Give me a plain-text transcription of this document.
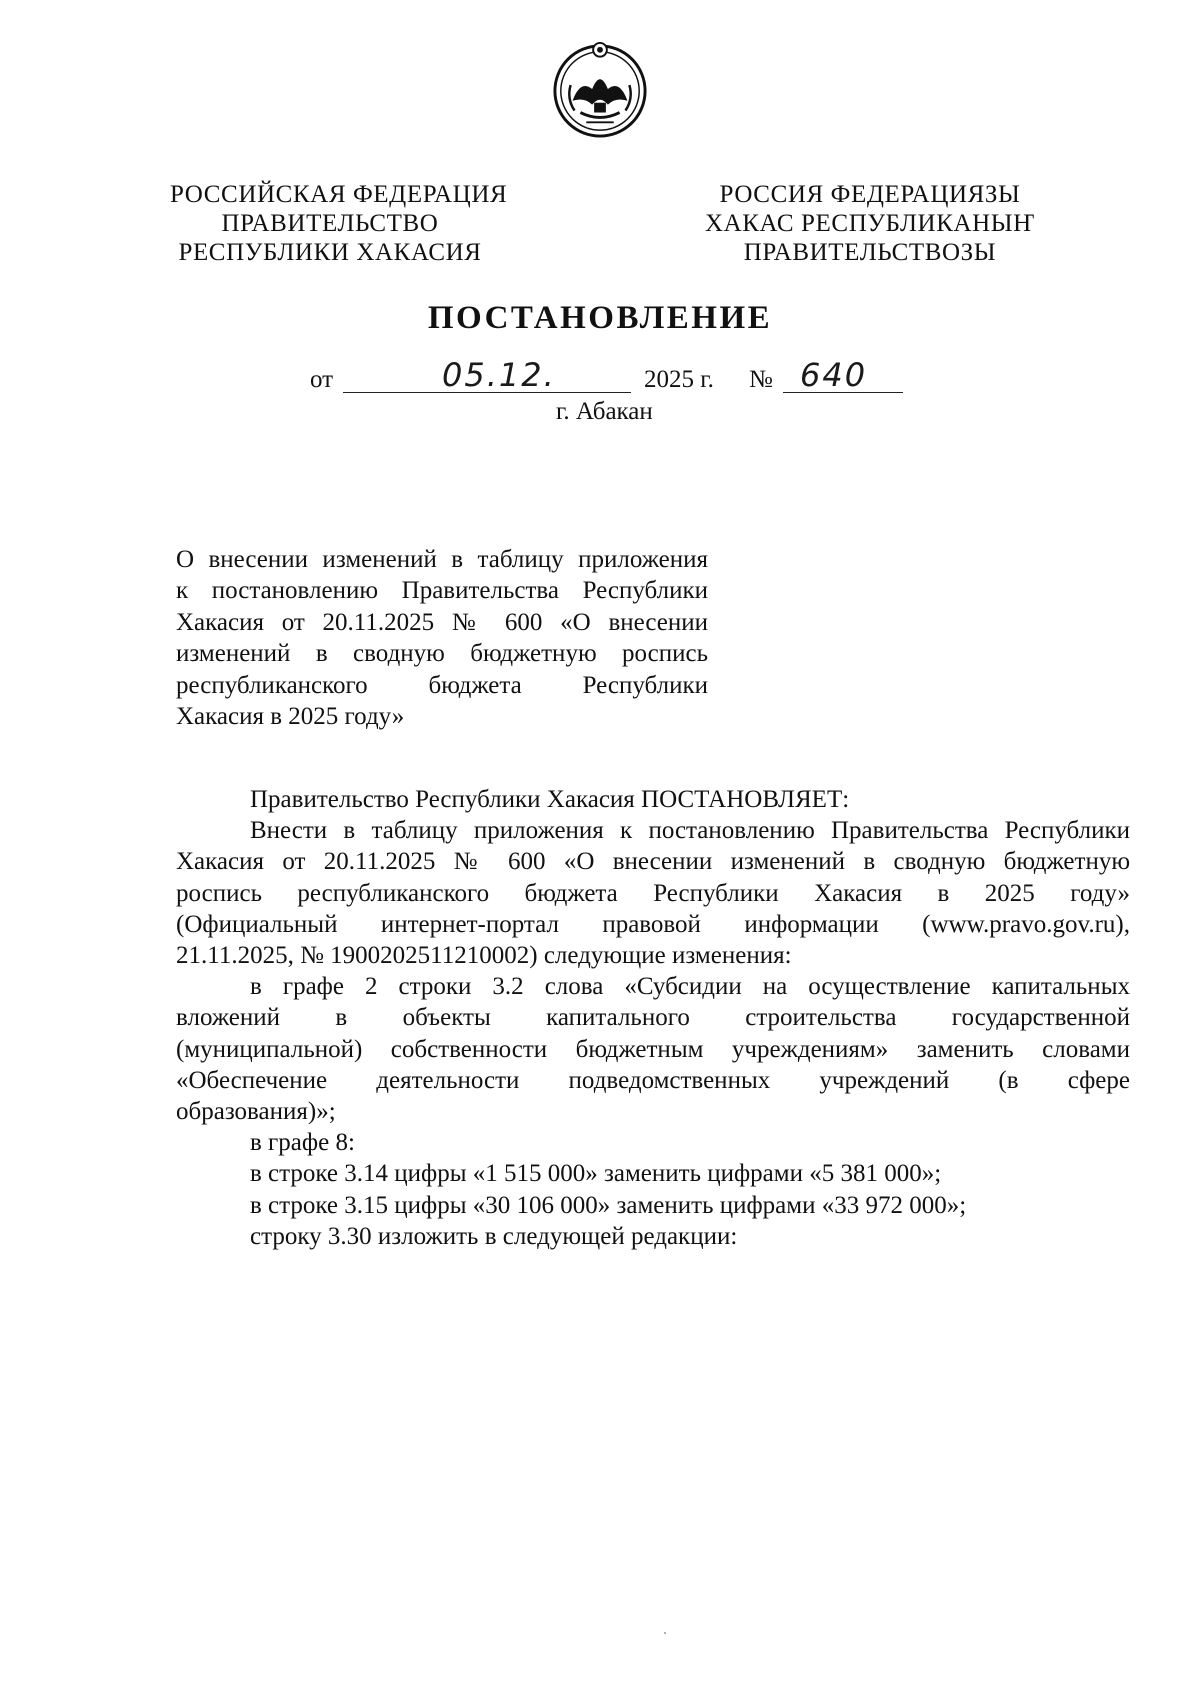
РОССИЙСКАЯ ФЕДЕРАЦИЯ
ПРАВИТЕЛЬСТВО
РЕСПУБЛИКИ ХАКАСИЯ
РОССИЯ ФЕДЕРАЦИЯЗЫ
ХАКАС РЕСПУБЛИКАНЫҤ
ПРАВИТЕЛЬСТВОЗЫ
ПОСТАНОВЛЕНИЕ
от	05.12.	2025 г. № 640
г. Абакан
О внесении изменений в таблицу приложения
к постановлению Правительства Республики
Хакасия от 20.11.2025 № 600 «О внесении
изменений в сводную бюджетную роспись
республиканского бюджета Республики
Хакасия в 2025 году»

Правительство Республики Хакасия ПОСТАНОВЛЯЕТ:

Внести в таблицу приложения к постановлению Правительства Республики
Хакасия от 20.11.2025 № 600 «О внесении изменений в сводную бюджетную
роспись республиканского бюджета Республики Хакасия в 2025 году»
(Официальный интернет-портал правовой информации (www.pravo.gov.ru),
21.11.2025, № 1900202511210002) следующие изменения:
в графе 2 строки 3.2 слова «Субсидии на осуществление капитальных
вложений в объекты капитального строительства государственной
(муниципальной) собственности бюджетным учреждениям» заменить словами
«Обеспечение деятельности подведомственных учреждений (в сфере
образования)»;

в графе 8:

в строке 3.14 цифры «1 515 000» заменить цифрами «5 381 000»;

в строке 3.15 цифры «30 106 000» заменить цифрами «33 972 000»;

строку 3.30 изложить в следующей редакции:
